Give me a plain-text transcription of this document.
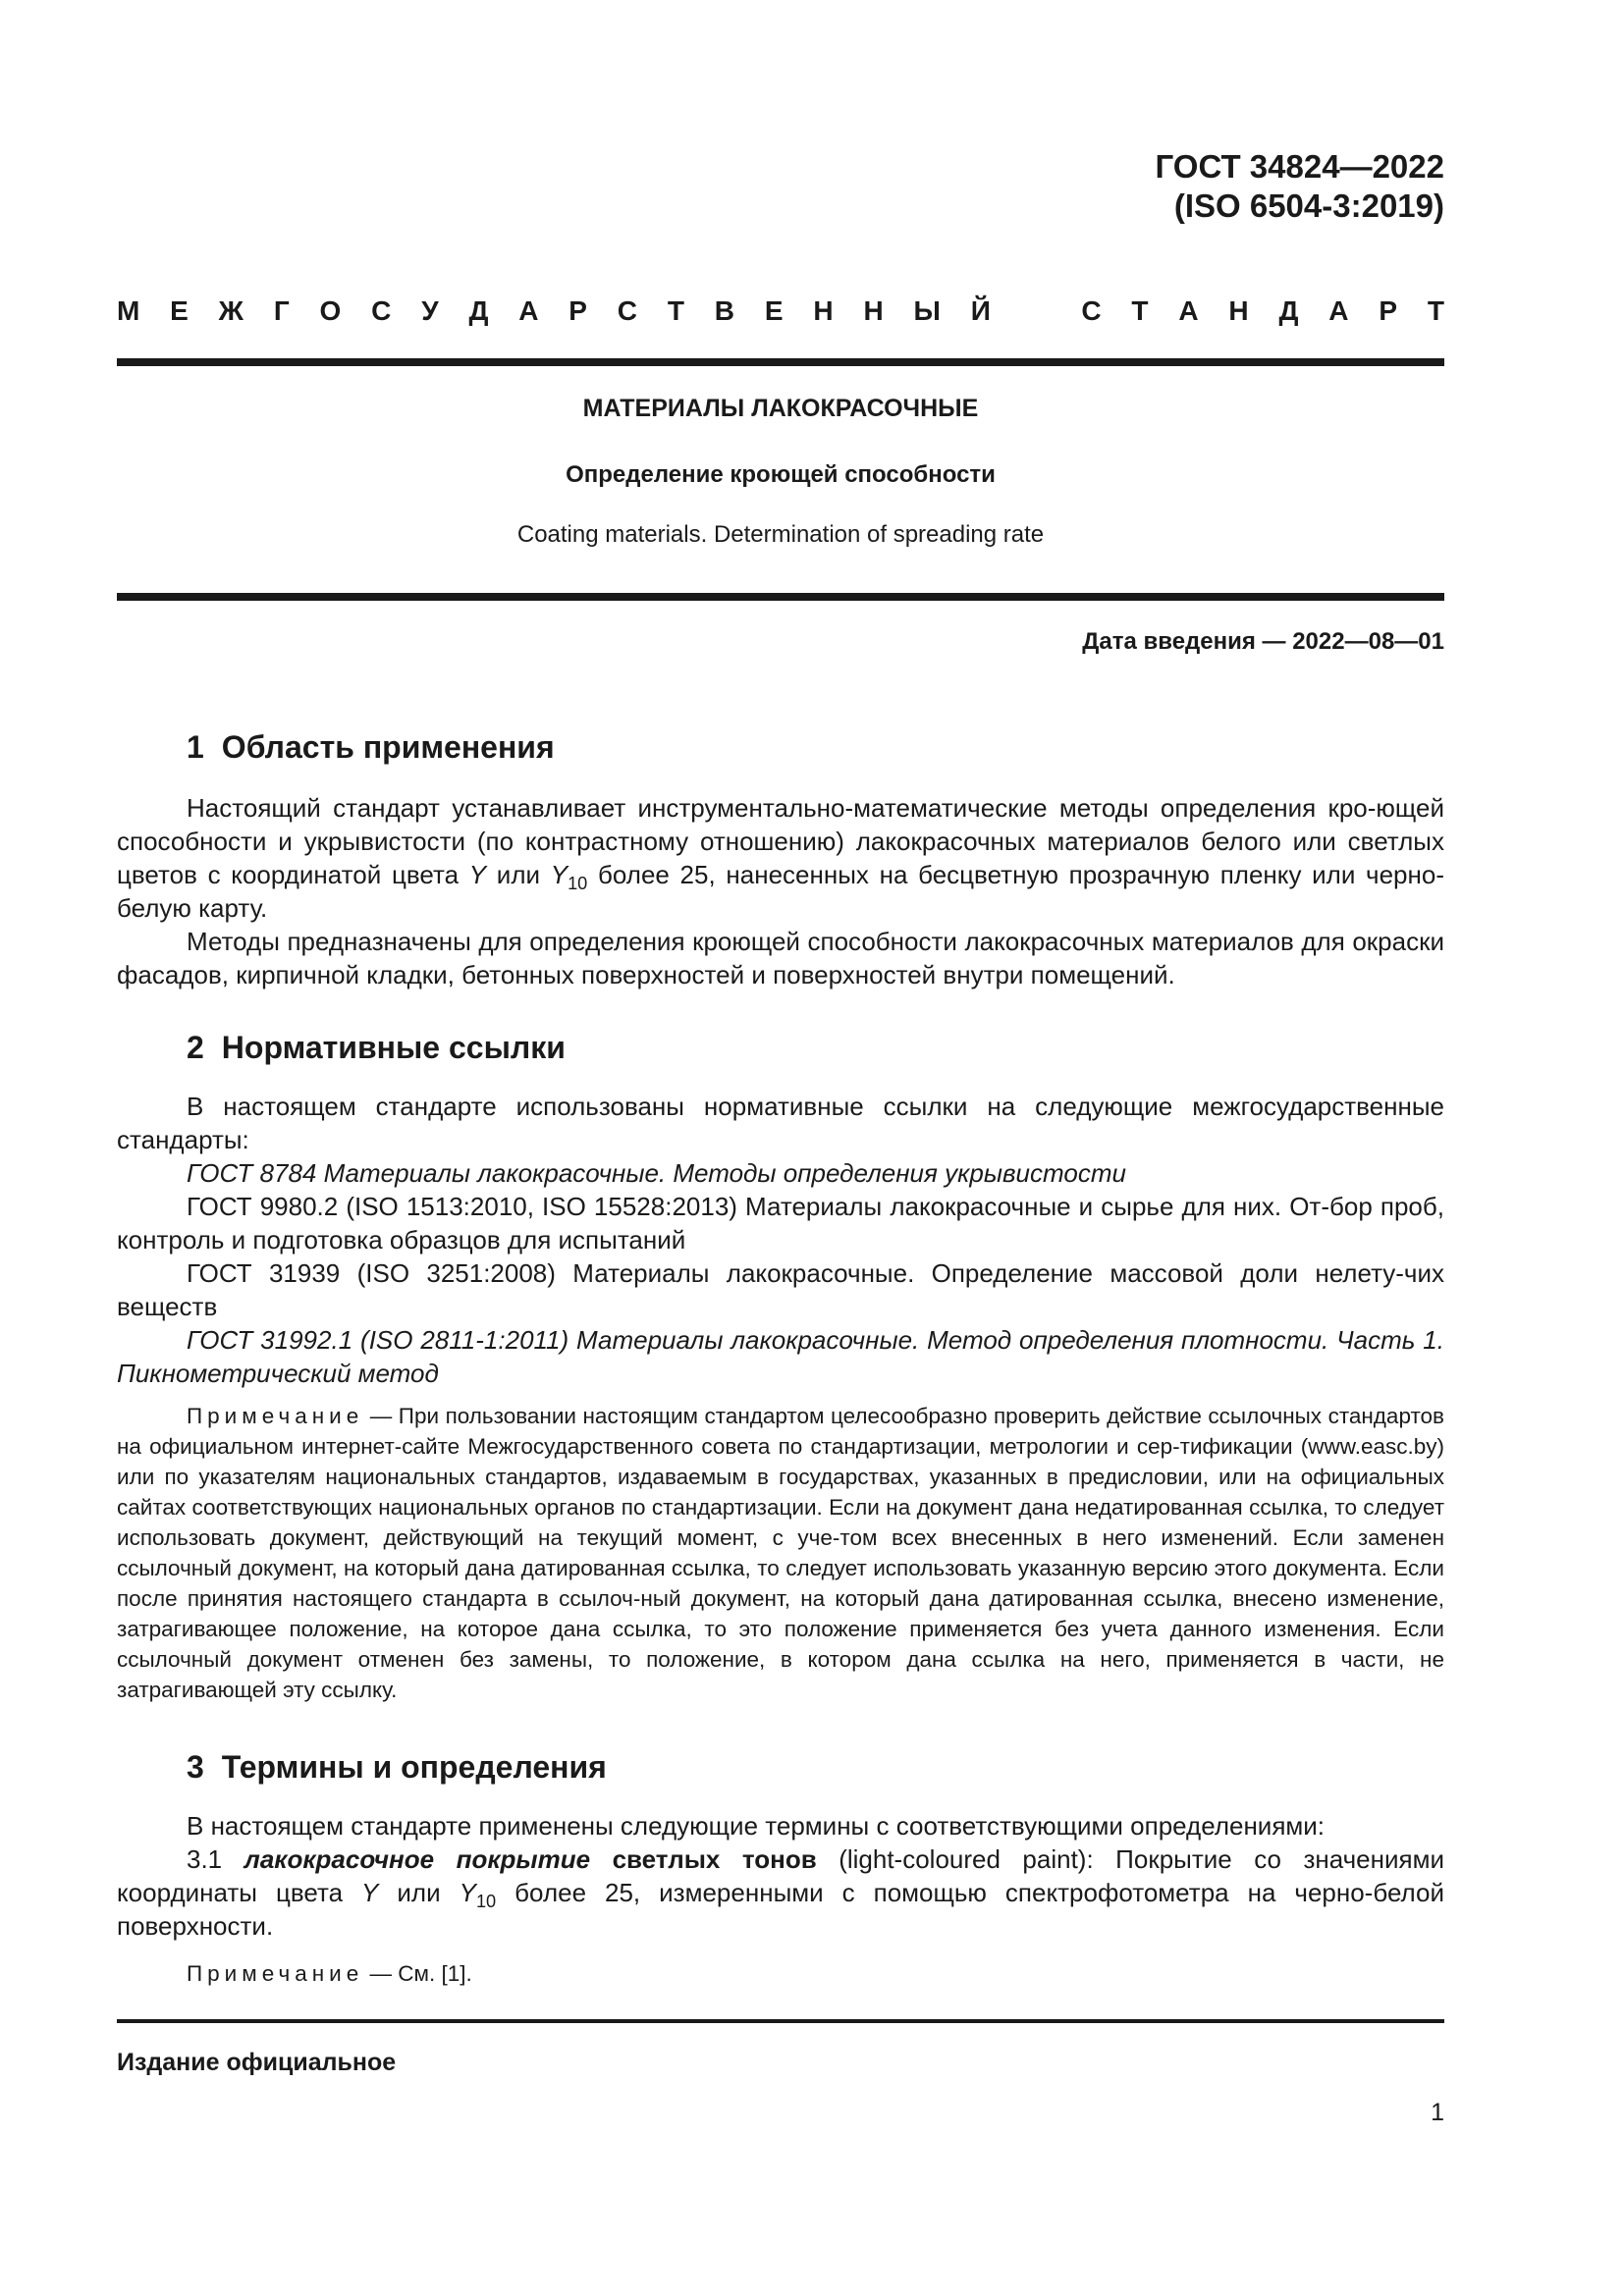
ГОСТ 34824—2022
(ISO 6504-3:2019)
М Е Ж Г О С У Д А Р С Т В Е Н Н Ы Й	С Т А Н Д А Р Т
МАТЕРИАЛЫ ЛАКОКРАСОЧНЫЕ
Определение кроющей способности
Coating materials. Determination of spreading rate
Дата введения — 2022—08—01
1 Область применения

Настоящий стандарт устанавливает инструментально-математические методы определения кро-ющей способности и укрывистости (по контрастному отношению) лакокрасочных материалов белого или светлых цветов с координатой цвета Y или $Y_{10}$ более 25, нанесенных на бесцветную прозрачную пленку или черно-белую карту.

Методы предназначены для определения кроющей способности лакокрасочных материалов для окраски фасадов, кирпичной кладки, бетонных поверхностей и поверхностей внутри помещений.

2 Нормативные ссылки

В настоящем стандарте использованы нормативные ссылки на следующие межгосударственные стандарты:

ГОСТ 8784 Материалы лакокрасочные. Методы определения укрывистости

ГОСТ 9980.2 (ISO 1513:2010, ISO 15528:2013) Материалы лакокрасочные и сырье для них. От-бор проб, контроль и подготовка образцов для испытаний

ГОСТ 31939 (ISO 3251:2008) Материалы лакокрасочные. Определение массовой доли нелету-чих веществ

ГОСТ 31992.1 (ISO 2811-1:2011) Материалы лакокрасочные. Метод определения плотности. Часть 1. Пикнометрический метод

Примечание — При пользовании настоящим стандартом целесообразно проверить действие ссылочных стандартов на официальном интернет-сайте Межгосударственного совета по стандартизации, метрологии и сер-тификации (www.easc.by) или по указателям национальных стандартов, издаваемым в государствах, указанных в предисловии, или на официальных сайтах соответствующих национальных органов по стандартизации. Если на документ дана недатированная ссылка, то следует использовать документ, действующий на текущий момент, с уче-том всех внесенных в него изменений. Если заменен ссылочный документ, на который дана датированная ссылка, то следует использовать указанную версию этого документа. Если после принятия настоящего стандарта в ссылоч-ный документ, на который дана датированная ссылка, внесено изменение, затрагивающее положение, на которое дана ссылка, то это положение применяется без учета данного изменения. Если ссылочный документ отменен без замены, то положение, в котором дана ссылка на него, применяется в части, не затрагивающей эту ссылку.

3 Термины и определения

В настоящем стандарте применены следующие термины с соответствующими определениями:

3.1 лакокрасочное покрытие светлых тонов (light-coloured paint): Покрытие со значениями координаты цвета Y или $Y_{10}$ более 25, измеренными с помощью спектрофотометра на черно-белой поверхности.

Примечание — См. [1].

Издание официальное
1
